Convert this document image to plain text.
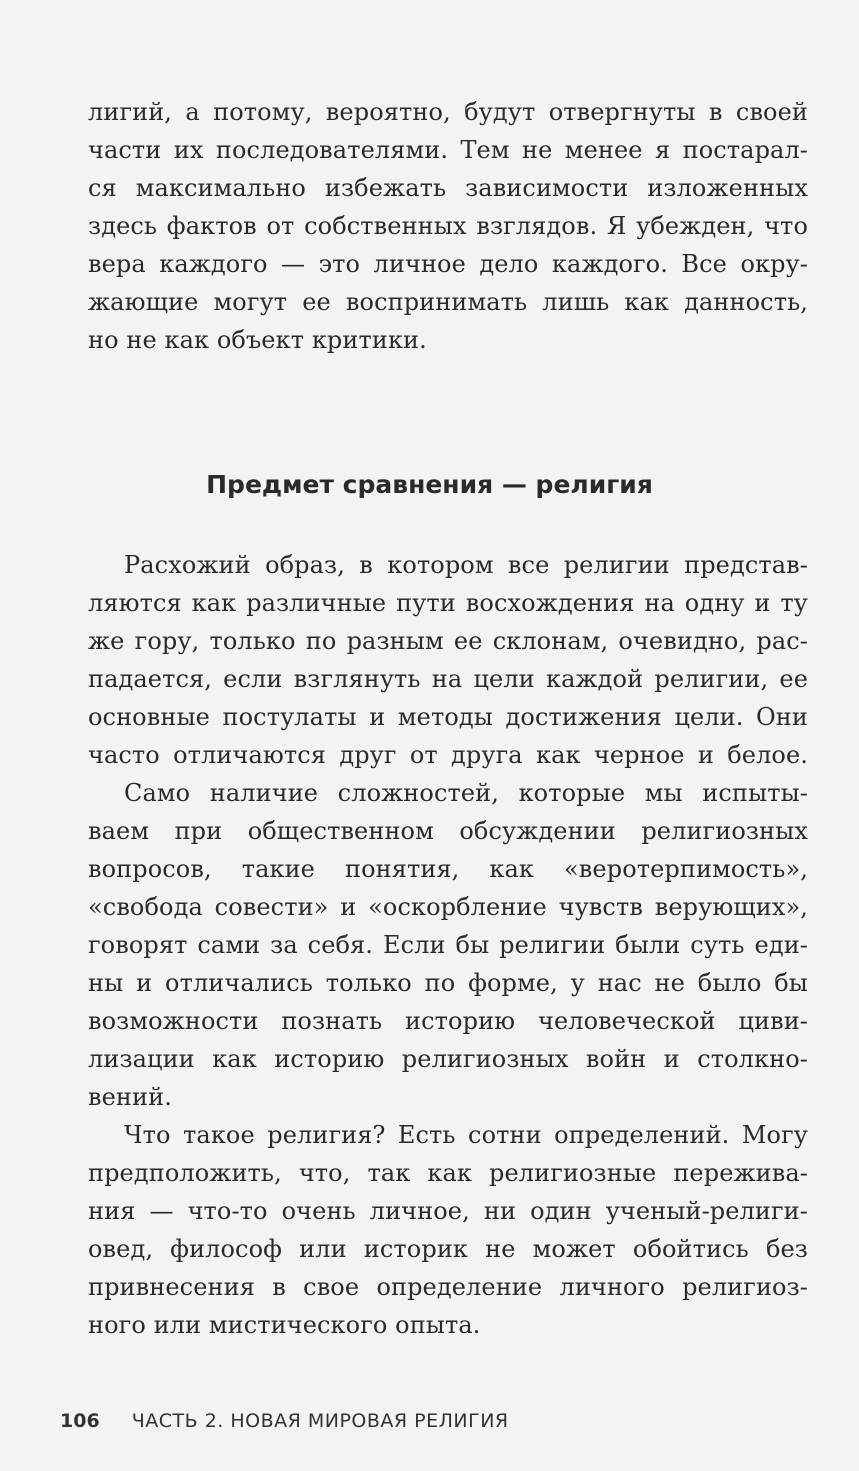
лигий, а потому, вероятно, будут отвергнуты в своей
части их последователями. Тем не менее я постарал-
ся максимально избежать зависимости изложенных
здесь фактов от собственных взглядов. Я убежден, что
вера каждого — это личное дело каждого. Все окру-
жающие могут ее воспринимать лишь как данность,
но не как объект критики.
Предмет сравнения — религия
Расхожий образ, в котором все религии представ-
ляются как различные пути восхождения на одну и ту
же гору, только по разным ее склонам, очевидно, рас-
падается, если взглянуть на цели каждой религии, ее
основные постулаты и методы достижения цели. Они
часто отличаются друг от друга как черное и белое.
Само наличие сложностей, которые мы испыты-
ваем при общественном обсуждении религиозных
вопросов, такие понятия, как «веротерпимость»,
«свобода совести» и «оскорбление чувств верующих»,
говорят сами за себя. Если бы религии были суть еди-
ны и отличались только по форме, у нас не было бы
возможности познать историю человеческой циви-
лизации как историю религиозных войн и столкно-
вений.
Что такое религия? Есть сотни определений. Могу
предположить, что, так как религиозные пережива-
ния — что-то очень личное, ни один ученый-религи-
овед, философ или историк не может обойтись без
привнесения в свое определение личного религиоз-
ного или мистического опыта.
106 ЧАСТЬ 2. НОВАЯ МИРОВАЯ РЕЛИГИЯ
